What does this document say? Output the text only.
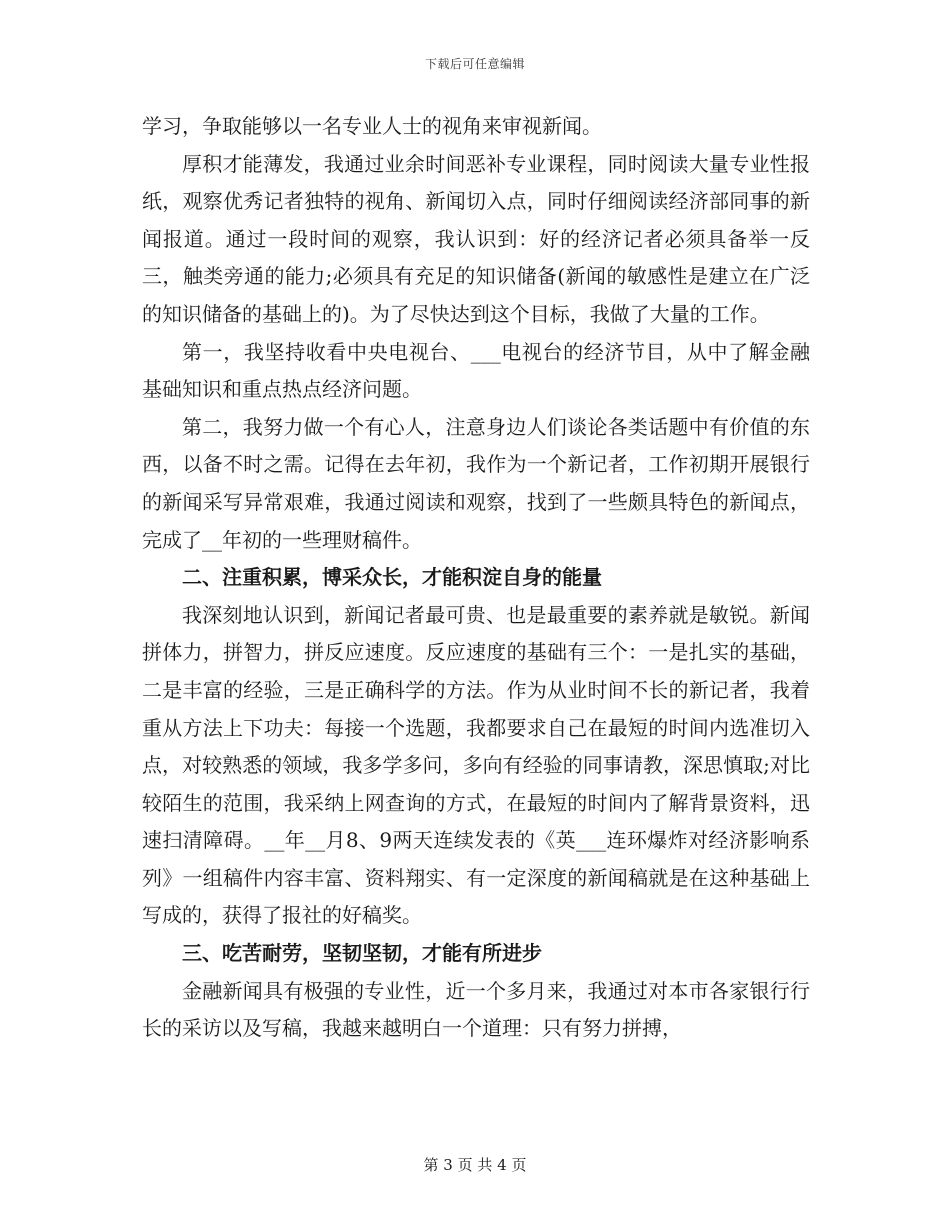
下载后可任意编辑

学习，争取能够以一名专业人士的视角来审视新闻。

厚积才能薄发，我通过业余时间恶补专业课程，同时阅读大量专业性报纸，观察优秀记者独特的视角、新闻切入点，同时仔细阅读经济部同事的新闻报道。通过一段时间的观察，我认识到：好的经济记者必须具备举一反三，触类旁通的能力;必须具有充足的知识储备(新闻的敏感性是建立在广泛的知识储备的基础上的)。为了尽快达到这个目标，我做了大量的工作。

第一，我坚持收看中央电视台、___电视台的经济节目，从中了解金融基础知识和重点热点经济问题。

第二，我努力做一个有心人，注意身边人们谈论各类话题中有价值的东西，以备不时之需。记得在去年初，我作为一个新记者，工作初期开展银行的新闻采写异常艰难，我通过阅读和观察，找到了一些颇具特色的新闻点，完成了__年初的一些理财稿件。

二、注重积累，博采众长，才能积淀自身的能量

我深刻地认识到，新闻记者最可贵、也是最重要的素养就是敏锐。新闻拼体力，拼智力，拼反应速度。反应速度的基础有三个：一是扎实的基础，二是丰富的经验，三是正确科学的方法。作为从业时间不长的新记者，我着重从方法上下功夫：每接一个选题，我都要求自己在最短的时间内选准切入点，对较熟悉的领域，我多学多问，多向有经验的同事请教，深思慎取;对比较陌生的范围，我采纳上网查询的方式，在最短的时间内了解背景资料，迅速扫清障碍。__年__月8、9两天连续发表的《英___连环爆炸对经济影响系列》一组稿件内容丰富、资料翔实、有一定深度的新闻稿就是在这种基础上写成的，获得了报社的好稿奖。

三、吃苦耐劳，坚韧坚韧，才能有所进步

金融新闻具有极强的专业性，近一个多月来，我通过对本市各家银行行长的采访以及写稿，我越来越明白一个道理：只有努力拼搏，

第 3 页 共 4 页
